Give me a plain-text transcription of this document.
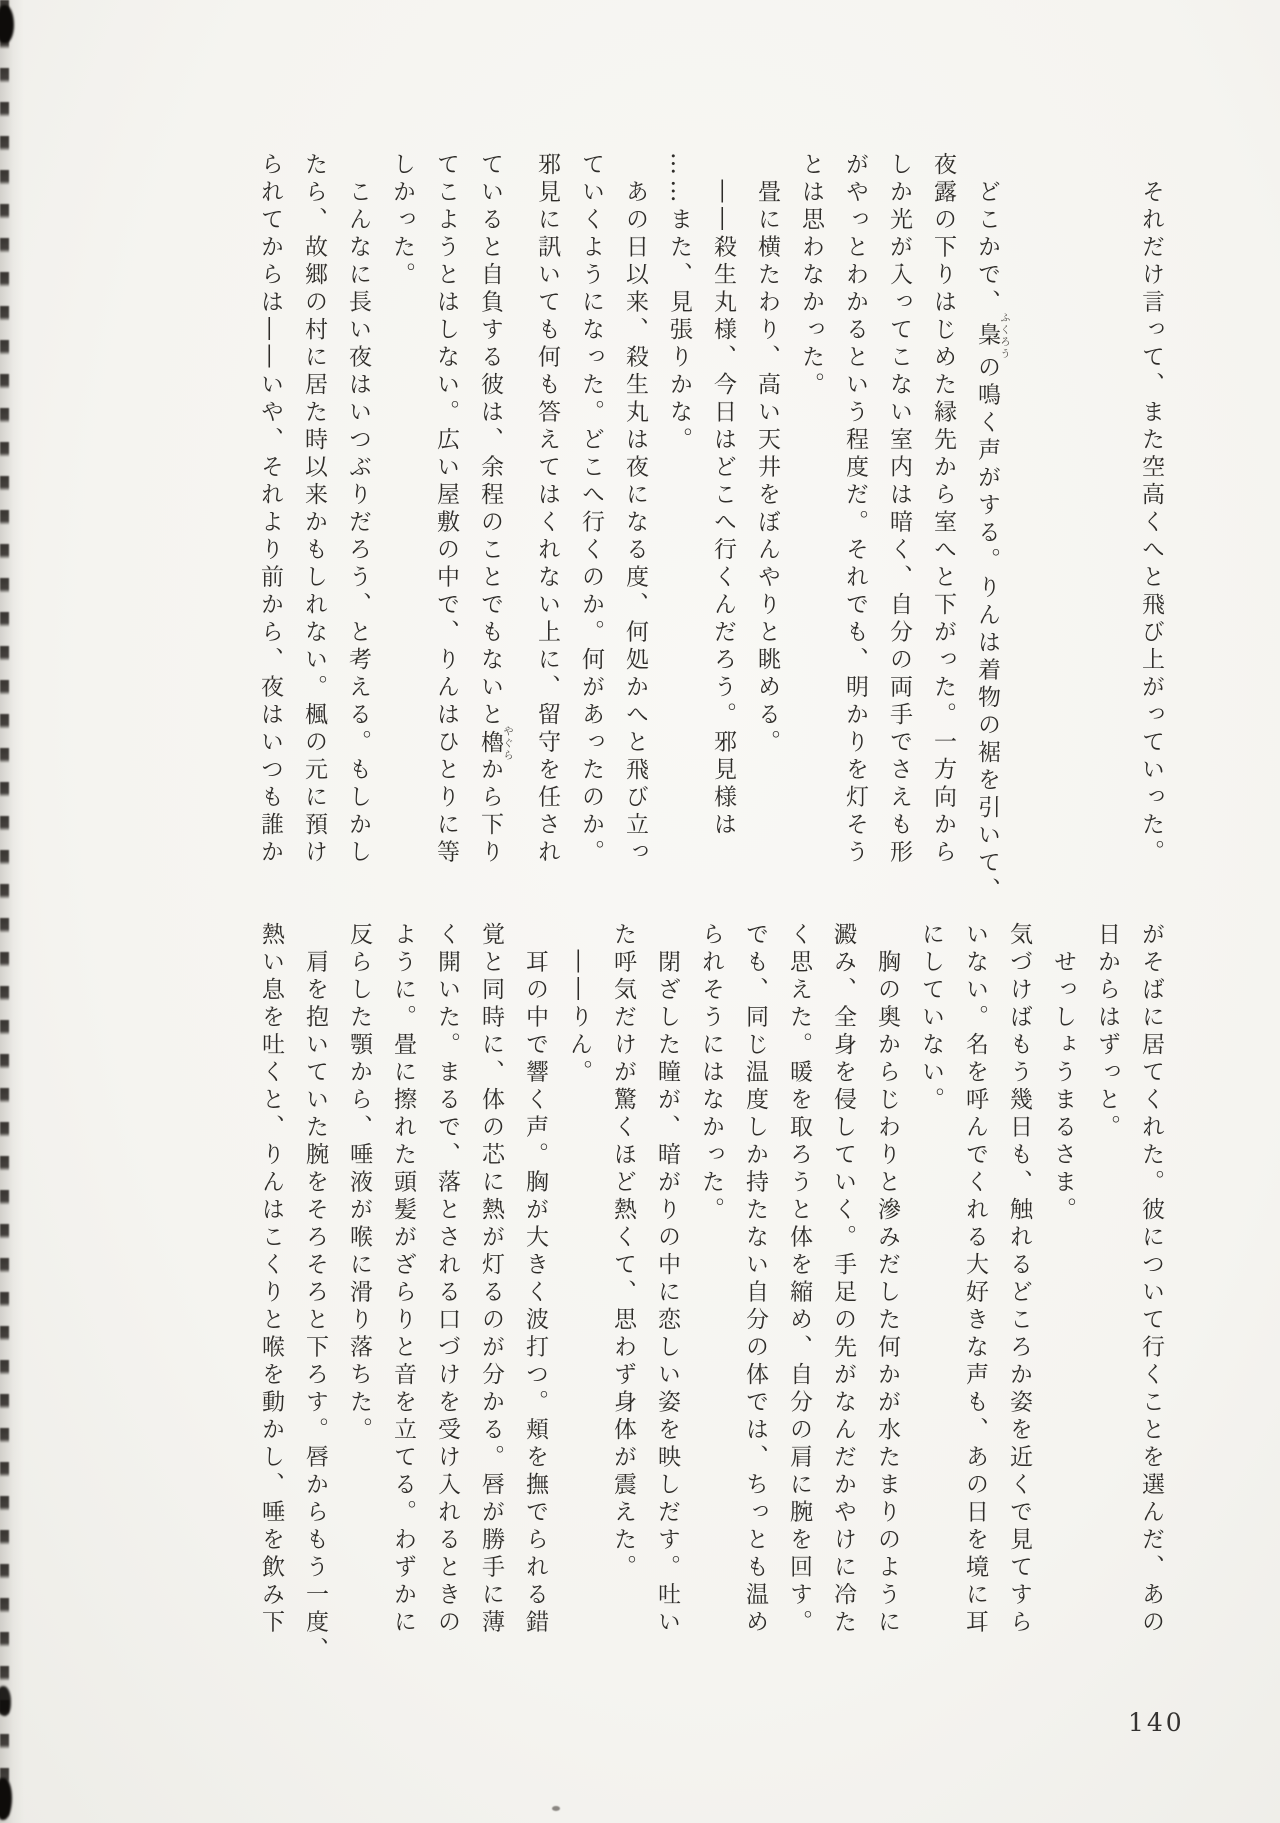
　それだけ言って、また空高くへと飛び上がっていった。

　どこかで、梟 ふくろうの鳴く声がする。りんは着物の裾を引いて、

夜露の下りはじめた縁先から室へと下がった。一方向から

しか光が入ってこない室内は暗く、自分の両手でさえも形

がやっとわかるという程度だ。それでも、明かりを灯そう

とは思わなかった。

　畳に横たわり、高い天井をぼんやりと眺める。

　――殺生丸様、今日はどこへ行くんだろう。邪見様は

……また、見張りかな。

　あの日以来、殺生丸は夜になる度、何処かへと飛び立っ

ていくようになった。どこへ行くのか。何があったのか。

邪見に訊いても何も答えてはくれない上に、留守を任され

ていると自負する彼は、余程のことでもないと櫓 やぐらから下り

てこようとはしない。広い屋敷の中で、りんはひとりに等

しかった。

　こんなに長い夜はいつぶりだろう、と考える。もしかし

たら、故郷の村に居た時以来かもしれない。楓の元に預け

られてからは――いや、それより前から、夜はいつも誰か

がそばに居てくれた。彼について行くことを選んだ、あの

日からはずっと。

　せっしょうまるさま。

気づけばもう幾日も、触れるどころか姿を近くで見てすら

いない。名を呼んでくれる大好きな声も、あの日を境に耳

にしていない。

　胸の奥からじわりと滲みだした何かが水たまりのように

澱み、全身を侵していく。手足の先がなんだかやけに冷た

く思えた。暖を取ろうと体を縮め、自分の肩に腕を回す。

でも、同じ温度しか持たない自分の体では、ちっとも温め

られそうにはなかった。

　閉ざした瞳が、暗がりの中に恋しい姿を映しだす。吐い

た呼気だけが驚くほど熱くて、思わず身体が震えた。

　――りん。

　耳の中で響く声。胸が大きく波打つ。頬を撫でられる錯

覚と同時に、体の芯に熱が灯るのが分かる。唇が勝手に薄

く開いた。まるで、落とされる口づけを受け入れるときの

ように。畳に擦れた頭髪がざらりと音を立てる。わずかに

反らした顎から、唾液が喉に滑り落ちた。

　肩を抱いていた腕をそろそろと下ろす。唇からもう一度、

熱い息を吐くと、りんはこくりと喉を動かし、唾を飲み下

140
